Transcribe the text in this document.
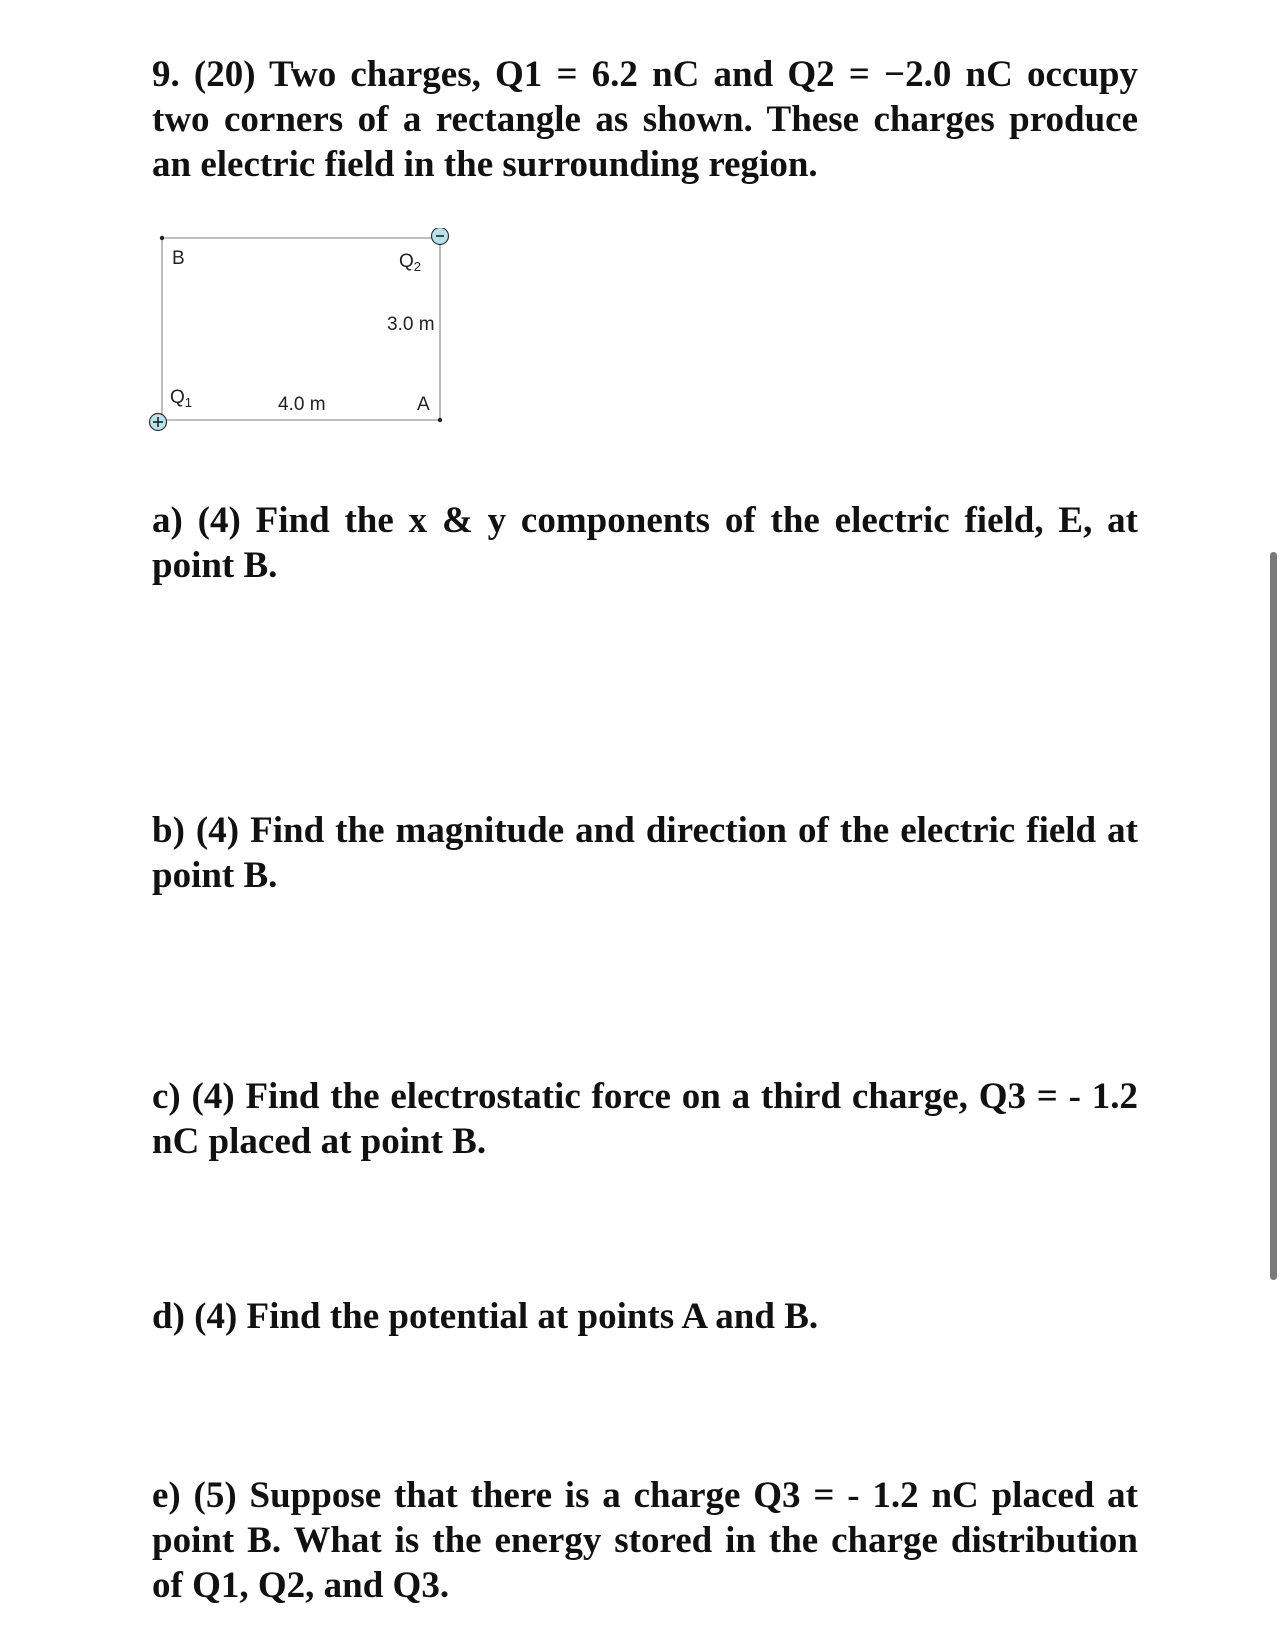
9. (20) Two charges, Q1 = 6.2 nC and Q2 = −2.0 nC occupy two corners of a rectangle as shown. These charges produce an electric field in the surrounding region.

B	$Q_2$
3.0 m
$Q_1$	4.0 m	A

a) (4) Find the x & y components of the electric field, E, at point B.

b) (4) Find the magnitude and direction of the electric field at point B.

c) (4) Find the electrostatic force on a third charge, Q3 = - 1.2 nC placed at point B.

d) (4) Find the potential at points A and B.

e) (5) Suppose that there is a charge Q3 = - 1.2 nC placed at point B. What is the energy stored in the charge distribution of Q1, Q2, and Q3.
